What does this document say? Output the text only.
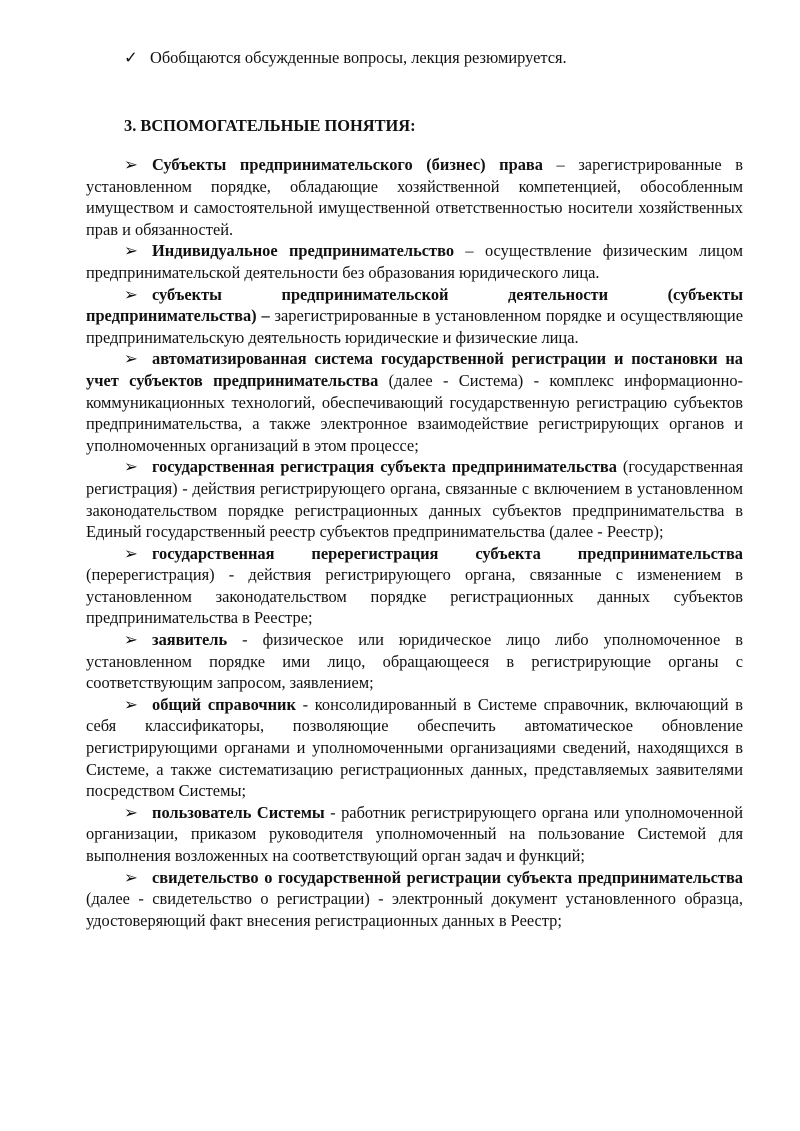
✓ Обобщаются обсужденные вопросы, лекция резюмируется.

3. ВСПОМОГАТЕЛЬНЫЕ ПОНЯТИЯ:

➢ Субъекты предпринимательского (бизнес) права – зарегистрированные в установленном порядке, обладающие хозяйственной компетенцией, обособленным имуществом и самостоятельной имущественной ответственностью носители хозяйственных прав и обязанностей.

➢ Индивидуальное предпринимательство – осуществление физическим лицом предпринимательской деятельности без образования юридического лица.

➢ субъекты предпринимательской деятельности (субъекты предпринимательства) – зарегистрированные в установленном порядке и осуществляющие предпринимательскую деятельность юридические и физические лица.

➢ автоматизированная система государственной регистрации и постановки на учет субъектов предпринимательства (далее - Система) - комплекс информационно-коммуникационных технологий, обеспечивающий государственную регистрацию субъектов предпринимательства, а также электронное взаимодействие регистрирующих органов и уполномоченных организаций в этом процессе;

➢ государственная регистрация субъекта предпринимательства (государственная регистрация) - действия регистрирующего органа, связанные с включением в установленном законодательством порядке регистрационных данных субъектов предпринимательства в Единый государственный реестр субъектов предпринимательства (далее - Реестр);

➢ государственная перерегистрация субъекта предпринимательства (перерегистрация) - действия регистрирующего органа, связанные с изменением в установленном законодательством порядке регистрационных данных субъектов предпринимательства в Реестре;

➢ заявитель - физическое или юридическое лицо либо уполномоченное в установленном порядке ими лицо, обращающееся в регистрирующие органы с соответствующим запросом, заявлением;

➢ общий справочник - консолидированный в Системе справочник, включающий в себя классификаторы, позволяющие обеспечить автоматическое обновление регистрирующими органами и уполномоченными организациями сведений, находящихся в Системе, а также систематизацию регистрационных данных, представляемых заявителями посредством Системы;

➢ пользователь Системы - работник регистрирующего органа или уполномоченной организации, приказом руководителя уполномоченный на пользование Системой для выполнения возложенных на соответствующий орган задач и функций;

➢ свидетельство о государственной регистрации субъекта предпринимательства (далее - свидетельство о регистрации) - электронный документ установленного образца, удостоверяющий факт внесения регистрационных данных в Реестр;
